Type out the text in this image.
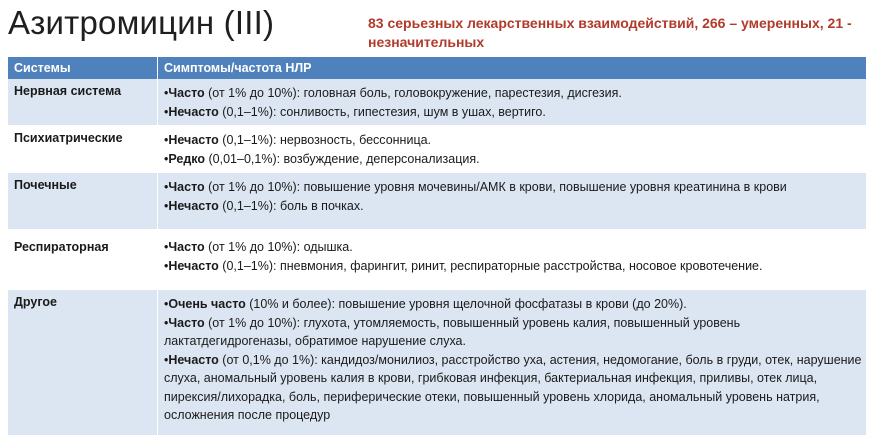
Азитромицин (III)	83 серьезных лекарственных взаимодействий, 266 – умеренных, 21 - незначительных
Системы	Симптомы/частота НЛР
Нервная система	•Часто (от 1% до 10%): головная боль, головокружение, парестезия, дисгезия.
•Нечасто (0,1–1%): сонливость, гипестезия, шум в ушах, вертиго.
Психиатрические	•Нечасто (0,1–1%): нервозность, бессонница.
•Редко (0,01–0,1%): возбуждение, деперсонализация.
Почечные	•Часто (от 1% до 10%): повышение уровня мочевины/АМК в крови, повышение уровня креатинина в крови
•Нечасто (0,1–1%): боль в почках.
Респираторная	•Часто (от 1% до 10%): одышка.
•Нечасто (0,1–1%): пневмония, фарингит, ринит, респираторные расстройства, носовое кровотечение.
Другое	•Очень часто (10% и более): повышение уровня щелочной фосфатазы в крови (до 20%).
•Часто (от 1% до 10%): глухота, утомляемость, повышенный уровень калия, повышенный уровень лактатдегидрогеназы, обратимое нарушение слуха.
•Нечасто (от 0,1% до 1%): кандидоз/монилиоз, расстройство уха, астения, недомогание, боль в груди, отек, нарушение слуха, аномальный уровень калия в крови, грибковая инфекция, бактериальная инфекция, приливы, отек лица, пирексия/лихорадка, боль, периферические отеки, повышенный уровень хлорида, аномальный уровень натрия, осложнения после процедур
